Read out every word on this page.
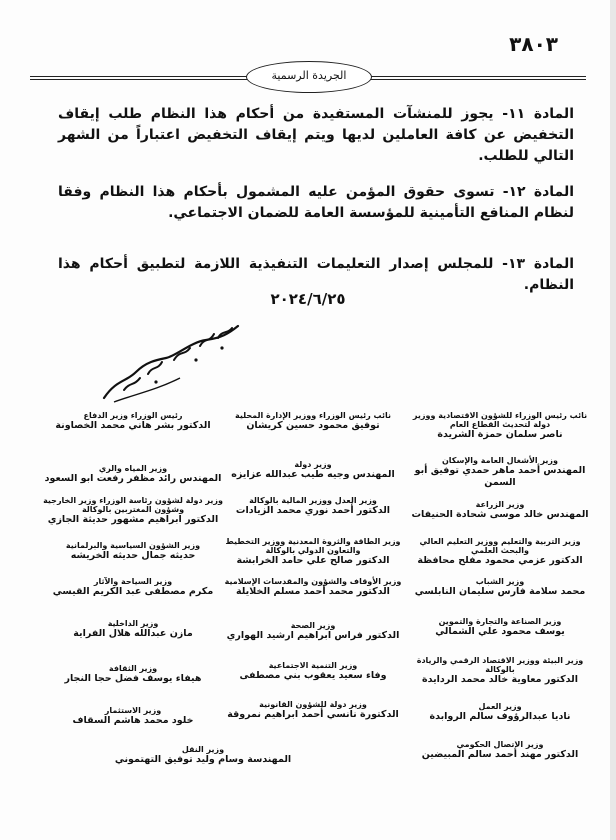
٣٨٠٣
الجريدة الرسمية
المادة ١١- يجوز للمنشآت المستفيدة من أحكام هذا النظام طلب إيقاف التخفيض عن كافة العاملين لديها ويتم إيقاف التخفيض اعتباراً من الشهر التالي للطلب.
المادة ١٢- تسوى حقوق المؤمن عليه المشمول بأحكام هذا النظام وفقا لنظام المنافع التأمينية للمؤسسة العامة للضمان الاجتماعي.
المادة ١٣- للمجلس إصدار التعليمات التنفيذية اللازمة لتطبيق أحكام هذا النظام.
٢٠٢٤/٦/٢٥
نائب رئيس الوزراء للشؤون الاقتصادية ووزير دولة لتحديث القطاع العام
ناصر سلمان حمزة الشريدة
نائب رئيس الوزراء ووزير الإدارة المحلية
توفيق محمود حسين كريشان
رئيس الوزراء وزير الدفاع
الدكتور بشر هاني محمد الخصاونة
وزير الأشغال العامة والإسكان
المهندس أحمد ماهر حمدي توفيق أبو السمن
وزير دولة
المهندس وجيه طيب عبدالله عزايزه
وزير المياه والري
المهندس رائد مظفر رفعت ابو السعود
وزير الزراعة
المهندس خالد موسى شحادة الحنيفات
وزير العدل ووزير المالية بالوكالة
الدكتور أحمد نوري محمد الزيادات
وزير دولة لشؤون رئاسة الوزراء وزير الخارجية وشؤون المغتربين بالوكالة
الدكتور ابراهيم مشهور حديثة الجازي
وزير التربية والتعليم ووزير التعليم العالي والبحث العلمي
الدكتور عزمي محمود مفلح محافظة
وزير الطاقة والثروة المعدنية ووزير التخطيط والتعاون الدولي بالوكالة
الدكتور صالح علي حامد الخرابشة
وزير الشؤون السياسية والبرلمانية
حديثه جمال حديثه الخريشه
وزير الشباب
محمد سلامة فارس سليمان النابلسي
وزير الأوقاف والشؤون والمقدسات الإسلامية
الدكتور محمد أحمد مسلم الخلايلة
وزير السياحة والآثار
مكرم مصطفى عبد الكريم القيسي
وزير الصناعة والتجارة والتموين
يوسف محمود علي الشمالي
وزير الصحة
الدكتور فراس ابراهيم ارشيد الهواري
وزير الداخلية
مازن عبدالله هلال الفراية
وزير البيئة ووزير الاقتصاد الرقمي والريادة بالوكالة
الدكتور معاوية خالد محمد الردايدة
وزير التنمية الاجتماعية
وفاء سعيد يعقوب بني مصطفى
وزير الثقافة
هيفاء يوسف فضل حجا النجار
وزير العمل
نادیا عبدالرؤوف سالم الروابدة
وزير دولة للشؤون القانونية
الدكتورة نانسي أحمد ابراهيم نمروقة
وزير الاستثمار
خلود محمد هاشم السقاف
وزير الاتصال الحكومي
الدكتور مهند أحمد سالم المبيضين
وزير النقل
المهندسة وسام وليد توفيق التهتموني
